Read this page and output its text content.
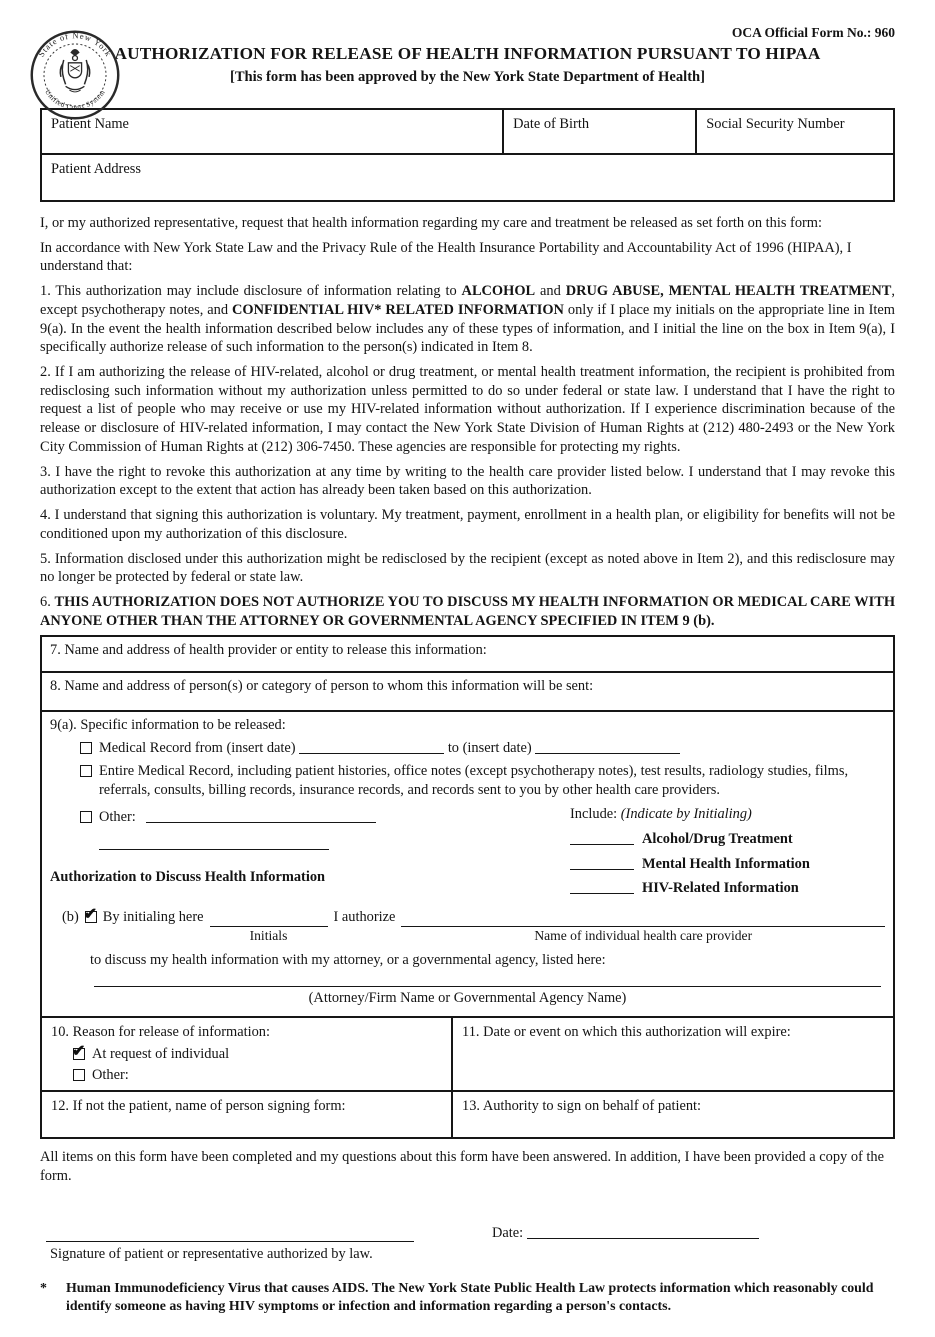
State of New York
Unified Court System
OCA Official Form No.: 960
AUTHORIZATION FOR RELEASE OF HEALTH INFORMATION PURSUANT TO HIPAA
[This form has been approved by the New York State Department of Health]
Patient Name	Date of Birth	Social Security Number
Patient Address

I, or my authorized representative, request that health information regarding my care and treatment be released as set forth on this form:

In accordance with New York State Law and the Privacy Rule of the Health Insurance Portability and Accountability Act of 1996 (HIPAA), I understand that:

1. This authorization may include disclosure of information relating to ALCOHOL and DRUG ABUSE, MENTAL HEALTH TREATMENT, except psychotherapy notes, and CONFIDENTIAL HIV* RELATED INFORMATION only if I place my initials on the appropriate line in Item 9(a). In the event the health information described below includes any of these types of information, and I initial the line on the box in Item 9(a), I specifically authorize release of such information to the person(s) indicated in Item 8.

2. If I am authorizing the release of HIV-related, alcohol or drug treatment, or mental health treatment information, the recipient is prohibited from redisclosing such information without my authorization unless permitted to do so under federal or state law. I understand that I have the right to request a list of people who may receive or use my HIV-related information without authorization. If I experience discrimination because of the release or disclosure of HIV-related information, I may contact the New York State Division of Human Rights at (212) 480-2493 or the New York City Commission of Human Rights at (212) 306-7450. These agencies are responsible for protecting my rights.

3. I have the right to revoke this authorization at any time by writing to the health care provider listed below. I understand that I may revoke this authorization except to the extent that action has already been taken based on this authorization.

4. I understand that signing this authorization is voluntary. My treatment, payment, enrollment in a health plan, or eligibility for benefits will not be conditioned upon my authorization of this disclosure.

5. Information disclosed under this authorization might be redisclosed by the recipient (except as noted above in Item 2), and this redisclosure may no longer be protected by federal or state law.

6. THIS AUTHORIZATION DOES NOT AUTHORIZE YOU TO DISCUSS MY HEALTH INFORMATION OR MEDICAL CARE WITH ANYONE OTHER THAN THE ATTORNEY OR GOVERNMENTAL AGENCY SPECIFIED IN ITEM 9 (b).

7. Name and address of health provider or entity to release this information:
8. Name and address of person(s) or category of person to whom this information will be sent:
9(a). Specific information to be released:
Medical Record from (insert date)	to (insert date)
Entire Medical Record, including patient histories, office notes (except psychotherapy notes), test results, radiology studies, films, referrals, consults, billing records, insurance records, and records sent to you by other health care providers.
Other:
Authorization to Discuss Health Information
Include: (Indicate by Initialing)
Alcohol/Drug Treatment
Mental Health Information
HIV-Related Information
(b) ✔ By initialing here	I authorize
Initials	Name of individual health care provider
to discuss my health information with my attorney, or a governmental agency, listed here:
(Attorney/Firm Name or Governmental Agency Name)
10. Reason for release of information:
✔
At request of individual
Other:
11. Date or event on which this authorization will expire:
12. If not the patient, name of person signing form:	13. Authority to sign on behalf of patient:

All items on this form have been completed and my questions about this form have been answered. In addition, I have been provided a copy of the form.

Date:
Signature of patient or representative authorized by law.
*	Human Immunodeficiency Virus that causes AIDS. The New York State Public Health Law protects information which reasonably could identify someone as having HIV symptoms or infection and information regarding a person's contacts.
